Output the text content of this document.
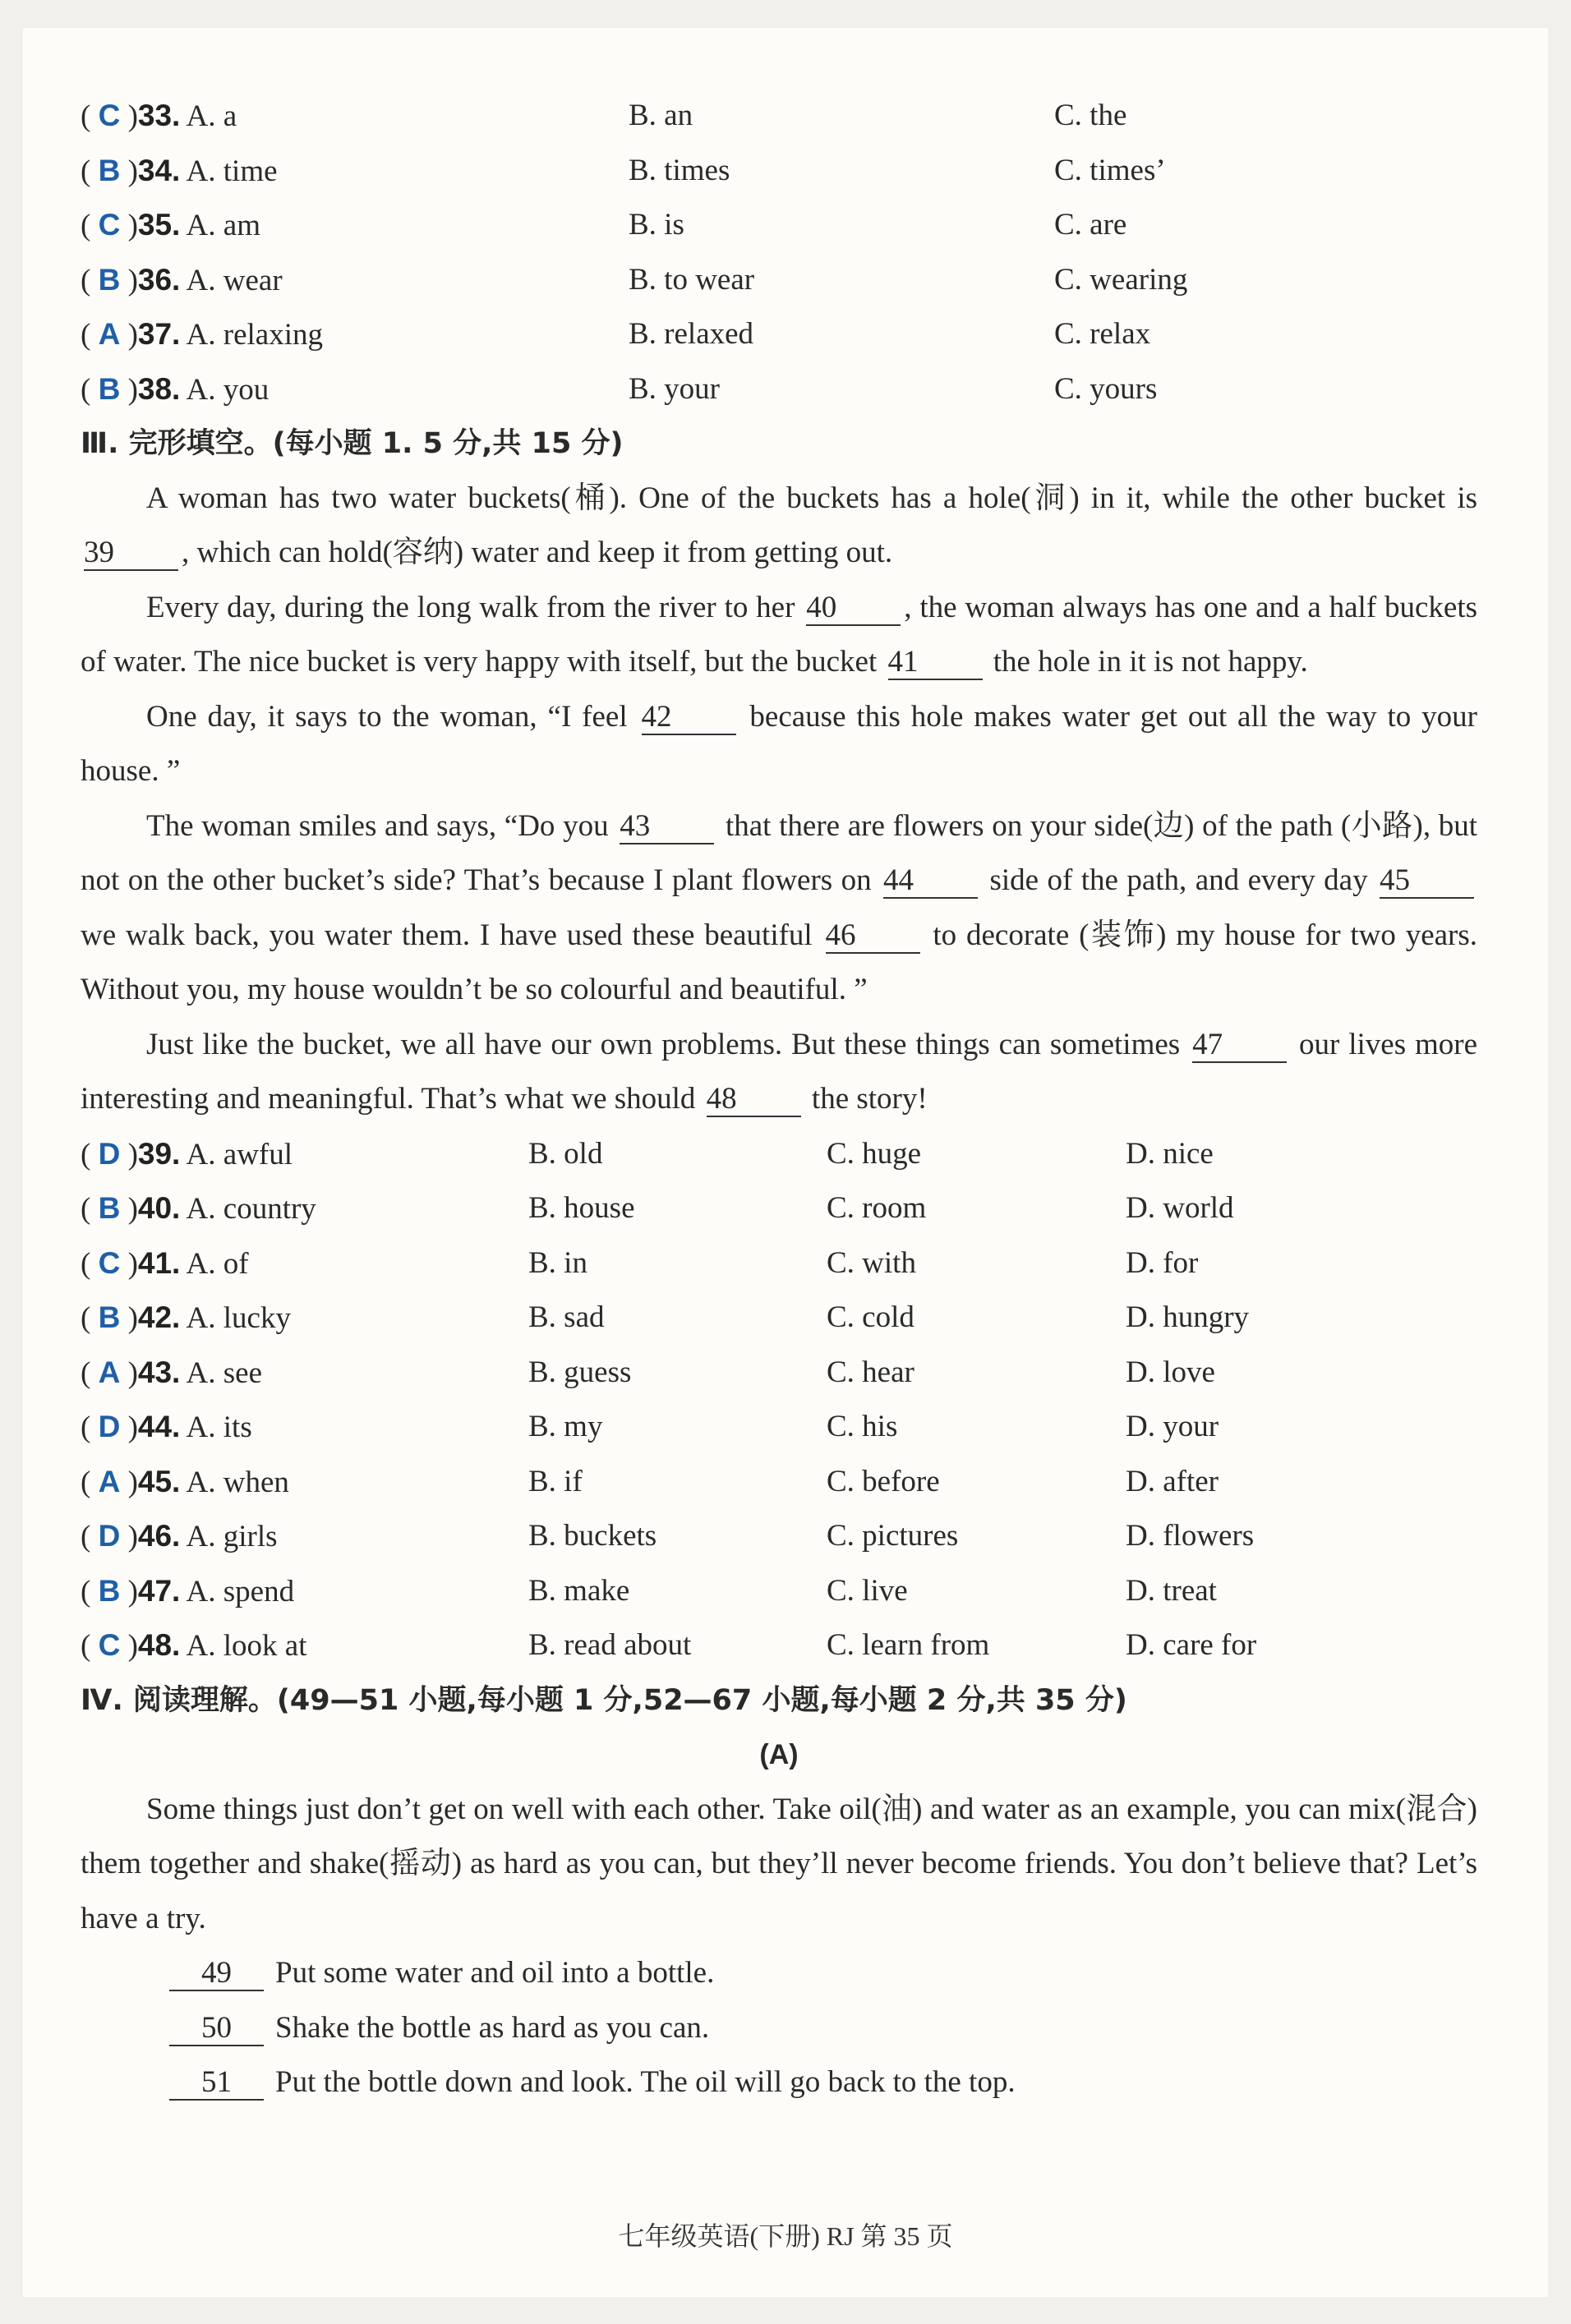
( C )33. A. a	B. an	C. the
( B )34. A. time	B. times	C. times’
( C )35. A. am	B. is	C. are
( B )36. A. wear	B. to wear	C. wearing
( A )37. A. relaxing	B. relaxed	C. relax
( B )38. A. you	B. your	C. yours
Ⅲ. 完形填空。(每小题 1. 5 分,共 15 分)
A woman has two water buckets(桶). One of the buckets has a hole(洞) in it, while the other bucket is 39 , which can hold(容纳) water and keep it from getting out.
Every day, during the long walk from the river to her 40 , the woman always has one and a half buckets of water. The nice bucket is very happy with itself, but the bucket 41 the hole in it is not happy.
One day, it says to the woman, “I feel 42	because this hole makes water get out all the way to your house. ”
The woman smiles and says, “Do you 43 that there are flowers on your side(边) of the path (小路), but not on the other bucket’s side? That’s because I plant flowers on 44 side of the path, and every day 45 we walk back, you water them. I have used these beautiful 46	to decorate (装饰) my house for two years. Without you, my house wouldn’t be so colourful and beautiful. ”
Just like the bucket, we all have our own problems. But these things can sometimes 47	our lives more interesting and meaningful. That’s what we should 48 the story!
( D )39. A. awful	B. old	C. huge	D. nice
( B )40. A. country	B. house	C. room	D. world
( C )41. A. of	B. in	C. with	D. for
( B )42. A. lucky	B. sad	C. cold	D. hungry
( A )43. A. see	B. guess	C. hear	D. love
( D )44. A. its	B. my	C. his	D. your
( A )45. A. when	B. if	C. before	D. after
( D )46. A. girls	B. buckets	C. pictures	D. flowers
( B )47. A. spend	B. make	C. live	D. treat
( C )48. A. look at	B. read about	C. learn from	D. care for
Ⅳ. 阅读理解。(49—51 小题,每小题 1 分,52—67 小题,每小题 2 分,共 35 分)
(A)
Some things just don’t get on well with each other. Take oil(油) and water as an example, you can mix(混合) them together and shake(摇动) as hard as you can, but they’ll never become friends. You don’t believe that? Let’s have a try.
49 Put some water and oil into a bottle.
50 Shake the bottle as hard as you can.
51 Put the bottle down and look. The oil will go back to the top.
七年级英语(下册) RJ 第 35 页
